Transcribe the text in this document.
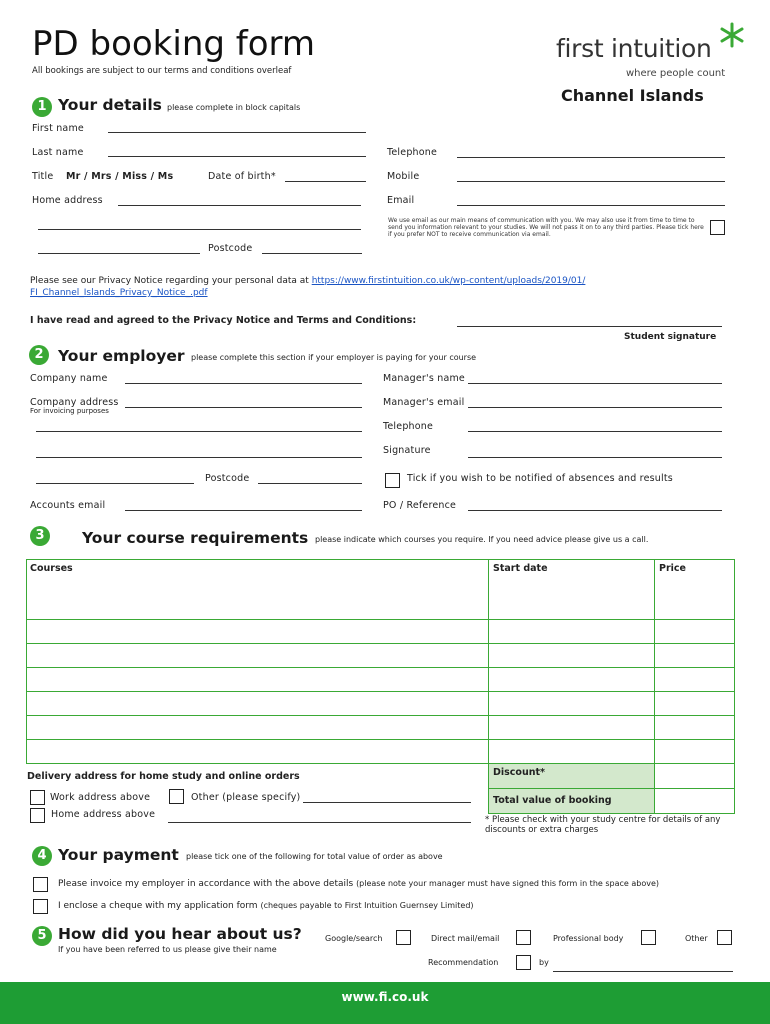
PD booking form
All bookings are subject to our terms and conditions overleaf
first intuition
where people count
Channel Islands
1 Your details please complete in block capitals
First name
Last name
Title Mr / Mrs / Miss / Ms	Date of birth*
Home address
Postcode
Telephone
Mobile
Email
We use email as our main means of communication with you. We may also use it from time to time to send you information relevant to your studies. We will not pass it on to any third parties. Please tick here if you prefer NOT to receive communication via email.
Please see our Privacy Notice regarding your personal data at https://www.firstintuition.co.uk/wp-content/uploads/2019/01/ FI_Channel_Islands_Privacy_Notice_.pdf
I have read and agreed to the Privacy Notice and Terms and Conditions:
Student signature
2 Your employer please complete this section if your employer is paying for your course
Company name
Company address
For invoicing purposes
Postcode
Accounts email
Manager's name
Manager's email
Telephone
Signature
Tick if you wish to be notified of absences and results
PO / Reference
3	Your course requirements please indicate which courses you require. If you need advice please give us a call.
Courses	Start date	Price

	Discount*	
	Total value of booking	
Delivery address for home study and online orders
Work address above	Other (please specify)
Home address above	* Please check with your study centre for details of any discounts or extra charges
4 Your payment please tick one of the following for total value of order as above
Please invoice my employer in accordance with the above details (please note your manager must have signed this form in the space above)
I enclose a cheque with my application form (cheques payable to First Intuition Guernsey Limited)
5 How did you hear about us?
If you have been referred to us please give their name
Google/search	Direct mail/email	Professional body	Other
Recommendation	by
www.fi.co.uk
